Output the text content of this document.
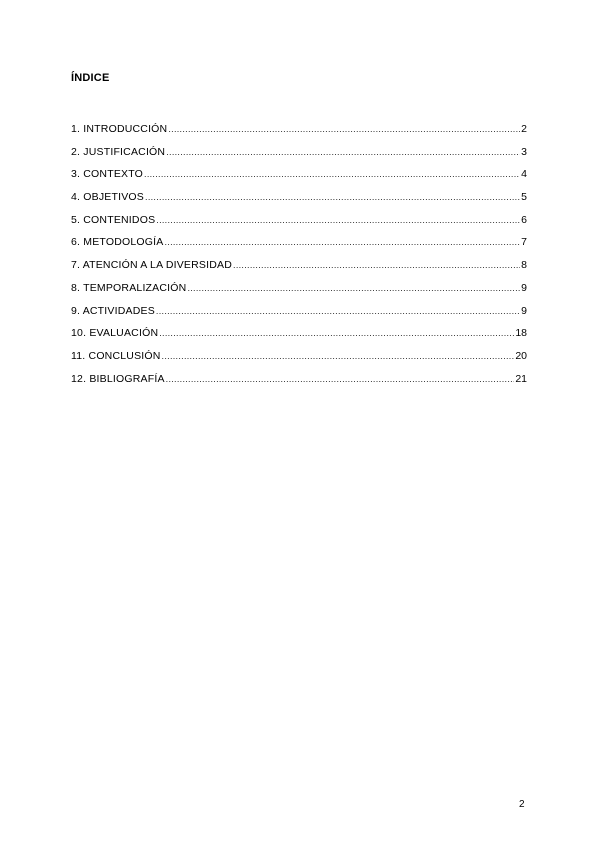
ÍNDICE
1. INTRODUCCIÓN .....	2
2. JUSTIFICACIÓN .....	3
3. CONTEXTO .....	4
4. OBJETIVOS .....	5
5. CONTENIDOS .....	6
6. METODOLOGÍA .....	7
7. ATENCIÓN A LA DIVERSIDAD .....	8
8. TEMPORALIZACIÓN .....	9
9. ACTIVIDADES .....	9
10. EVALUACIÓN .....	18
11. CONCLUSIÓN .....	20
12. BIBLIOGRAFÍA .....	21
2
